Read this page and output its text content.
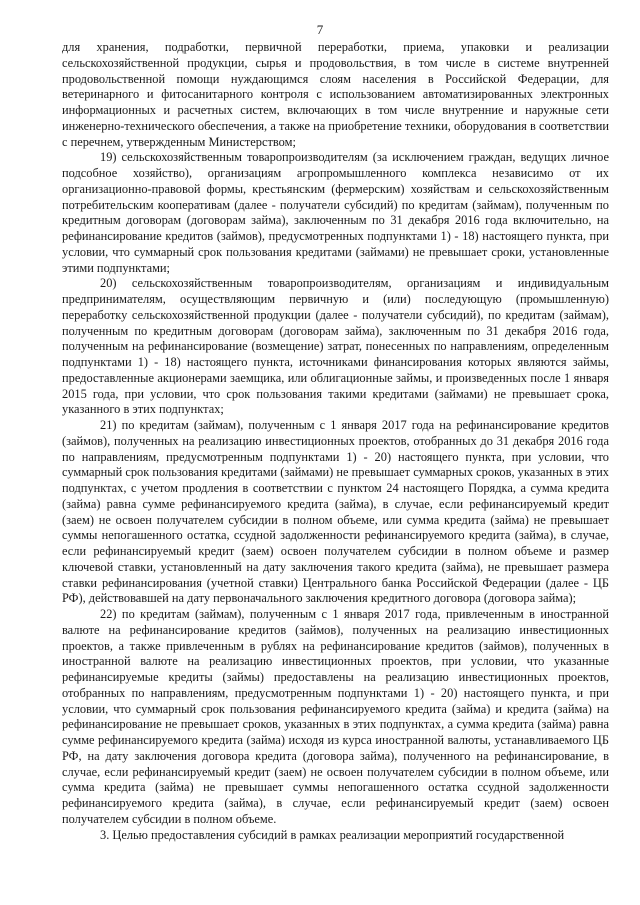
7

для хранения, подработки, первичной переработки, приема, упаковки и реализации сельскохозяйственной продукции, сырья и продовольствия, в том числе в системе внутренней продовольственной помощи нуждающимся слоям населения в Российской Федерации, для ветеринарного и фитосанитарного контроля с использованием автоматизированных электронных информационных и расчетных систем, включающих в том числе внутренние и наружные сети инженерно-технического обеспечения, а также на приобретение техники, оборудования в соответствии с перечнем, утвержденным Министерством;

19) сельскохозяйственным товаропроизводителям (за исключением граждан, ведущих личное подсобное хозяйство), организациям агропромышленного комплекса независимо от их организационно-правовой формы, крестьянским (фермерским) хозяйствам и сельскохозяйственным потребительским кооперативам (далее - получатели субсидий) по кредитам (займам), полученным по кредитным договорам (договорам займа), заключенным по 31 декабря 2016 года включительно, на рефинансирование кредитов (займов), предусмотренных подпунктами 1) - 18) настоящего пункта, при условии, что суммарный срок пользования кредитами (займами) не превышает сроки, установленные этими подпунктами;

20) сельскохозяйственным товаропроизводителям, организациям и индивидуальным предпринимателям, осуществляющим первичную и (или) последующую (промышленную) переработку сельскохозяйственной продукции (далее - получатели субсидий), по кредитам (займам), полученным по кредитным договорам (договорам займа), заключенным по 31 декабря 2016 года, полученным на рефинансирование (возмещение) затрат, понесенных по направлениям, определенным подпунктами 1) - 18) настоящего пункта, источниками финансирования которых являются займы, предоставленные акционерами заемщика, или облигационные займы, и произведенных после 1 января 2015 года, при условии, что срок пользования такими кредитами (займами) не превышает срока, указанного в этих подпунктах;

21) по кредитам (займам), полученным с 1 января 2017 года на рефинансирование кредитов (займов), полученных на реализацию инвестиционных проектов, отобранных до 31 декабря 2016 года по направлениям, предусмотренным подпунктами 1) - 20) настоящего пункта, при условии, что суммарный срок пользования кредитами (займами) не превышает суммарных сроков, указанных в этих подпунктах, с учетом продления в соответствии с пунктом 24 настоящего Порядка, а сумма кредита (займа) равна сумме рефинансируемого кредита (займа), в случае, если рефинансируемый кредит (заем) не освоен получателем субсидии в полном объеме, или сумма кредита (займа) не превышает суммы непогашенного остатка, ссудной задолженности рефинансируемого кредита (займа), в случае, если рефинансируемый кредит (заем) освоен получателем субсидии в полном объеме и размер ключевой ставки, установленный на дату заключения такого кредита (займа), не превышает размера ставки рефинансирования (учетной ставки) Центрального банка Российской Федерации (далее - ЦБ РФ), действовавшей на дату первоначального заключения кредитного договора (договора займа);

22) по кредитам (займам), полученным с 1 января 2017 года, привлеченным в иностранной валюте на рефинансирование кредитов (займов), полученных на реализацию инвестиционных проектов, а также привлеченным в рублях на рефинансирование кредитов (займов), полученных в иностранной валюте на реализацию инвестиционных проектов, при условии, что указанные рефинансируемые кредиты (займы) предоставлены на реализацию инвестиционных проектов, отобранных по направлениям, предусмотренным подпунктами 1) - 20) настоящего пункта, и при условии, что суммарный срок пользования рефинансируемого кредита (займа) и кредита (займа) на рефинансирование не превышает сроков, указанных в этих подпунктах, а сумма кредита (займа) равна сумме рефинансируемого кредита (займа) исходя из курса иностранной валюты, устанавливаемого ЦБ РФ, на дату заключения договора кредита (договора займа), полученного на рефинансирование, в случае, если рефинансируемый кредит (заем) не освоен получателем субсидии в полном объеме, или сумма кредита (займа) не превышает суммы непогашенного остатка ссудной задолженности рефинансируемого кредита (займа), в случае, если рефинансируемый кредит (заем) освоен получателем субсидии в полном объеме.

3. Целью предоставления субсидий в рамках реализации мероприятий государственной
